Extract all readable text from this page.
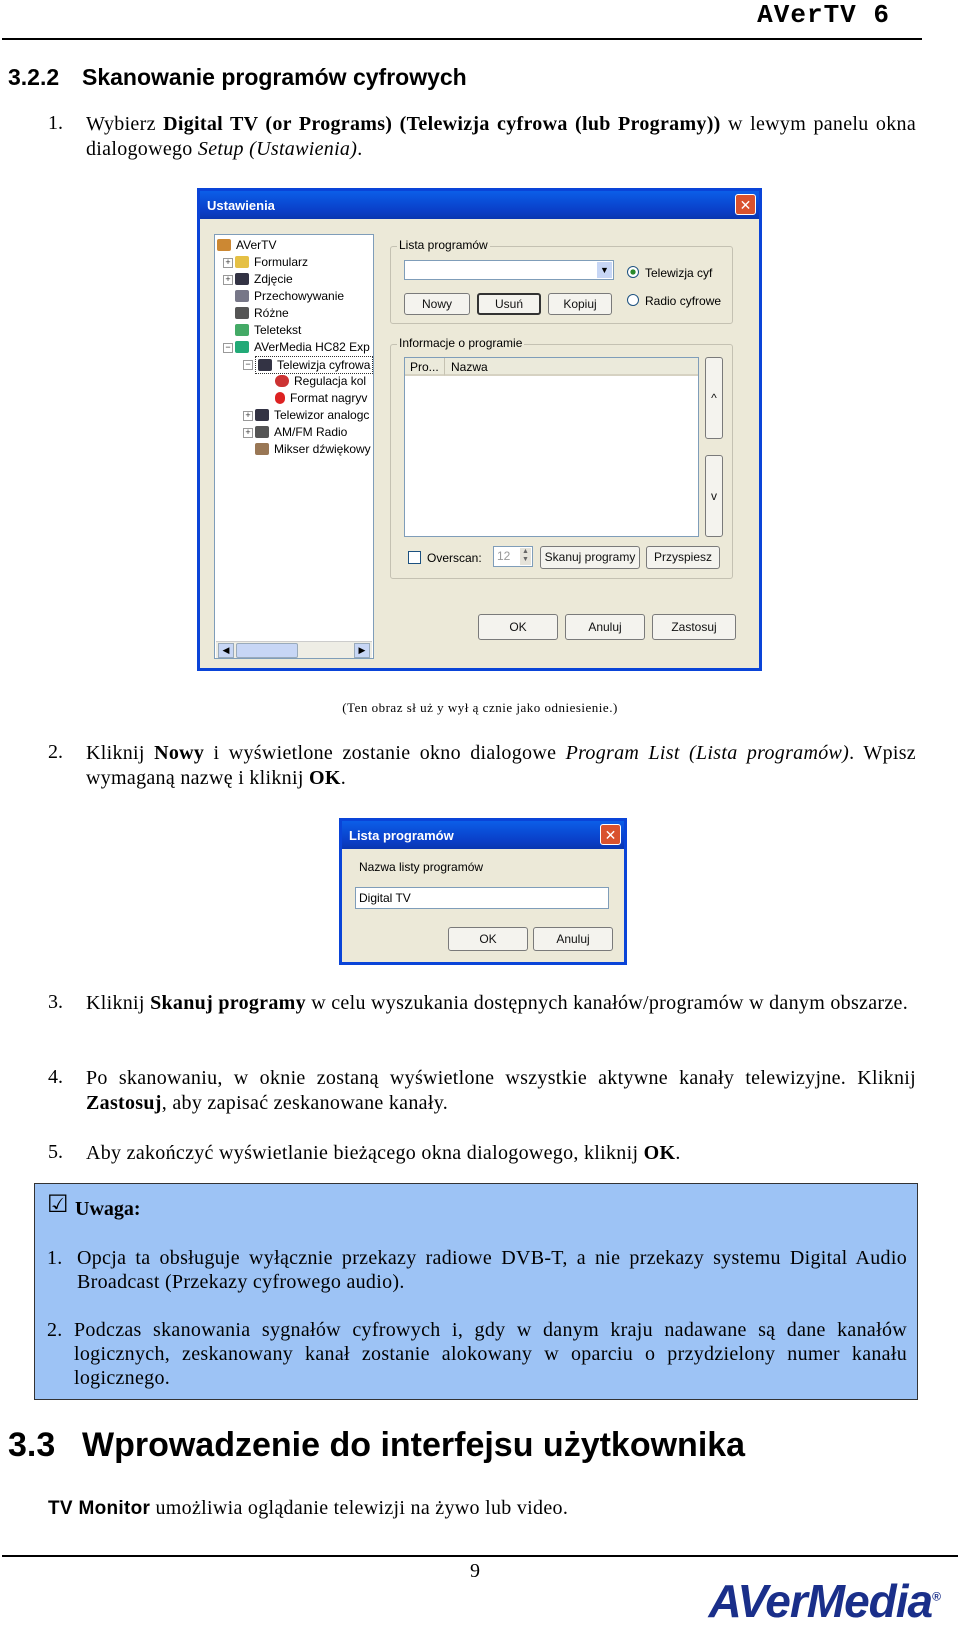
AVerTV 6
3.2.2 Skanowanie programów cyfrowych
1. Wybierz Digital TV (or Programs) (Telewizja cyfrowa (lub Programy)) w lewym panelu okna dialogowego Setup (Ustawienia).
Ustawienia	✕
AVerTV
+	Formularz
+	Zdjęcie
Przechowywanie
Różne
Teletekst
−	AVerMedia HC82 Exp
−	Telewizja cyfrowa
Regulacja kol
Format nagryv
+	Telewizor analogc
+	AM/FM Radio
Mikser dźwiękowy
◀	▶
Lista programów
▼
Nowy	Usuń	Kopiuj
Telewizja cyf
Radio cyfrowe
Informacje o programie
Pro...	Nazwa
^
v
Overscan:	12 ▲
▼	Skanuj programy	Przyspiesz
OK	Anuluj	Zastosuj
(Ten obraz sł uż y wył ą cznie jako odniesienie.)
2. Kliknij Nowy i wyświetlone zostanie okno dialogowe Program List (Lista programów). Wpisz wymaganą nazwę i kliknij OK.
Lista programów	✕
Nazwa listy programów
Digital TV
OK	Anuluj
3. Kliknij Skanuj programy w celu wyszukania dostępnych kanałów/programów w danym obszarze.
4. Po skanowaniu, w oknie zostaną wyświetlone wszystkie aktywne kanały telewizyjne. Kliknij Zastosuj, aby zapisać zeskanowane kanały.
5. Aby zakończyć wyświetlanie bieżącego okna dialogowego, kliknij OK.
☑ Uwaga:
1. Opcja ta obsługuje wyłącznie przekazy radiowe DVB-T, a nie przekazy systemu Digital Audio Broadcast (Przekazy cyfrowego audio).
2. Podczas skanowania sygnałów cyfrowych i, gdy w danym kraju nadawane są dane kanałów logicznych, zeskanowany kanał zostanie alokowany w oparciu o przydzielony numer kanału logicznego.
3.3 Wprowadzenie do interfejsu użytkownika
TV Monitor umożliwia oglądanie telewizji na żywo lub video.
9
AVerMedia®
